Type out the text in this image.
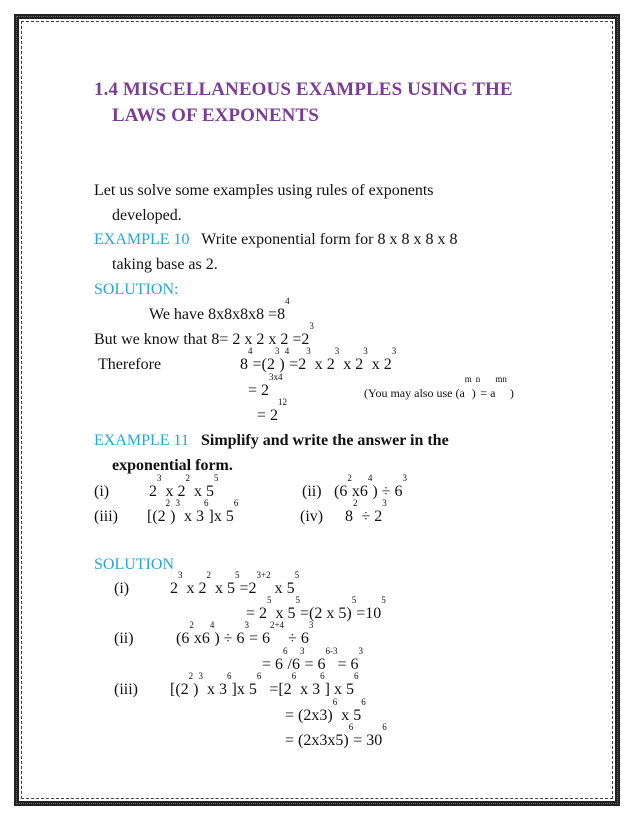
1.4 MISCELLANEOUS EXAMPLES USING THE
LAWS OF EXPONENTS
Let us solve some examples using rules of exponents
developed.
EXAMPLE 10 Write exponential form for 8 x 8 x 8 x 8
taking base as 2.
SOLUTION:
We have $8x8x8x8 =8^4$
But we know that 8= 2 x 2 x $2 =2^3$
Therefore	$8^4=(2^3)^4=2^3$ x $2^3$ x $2^3$ x $2^3$
= $2^{3x4}$
(You may also use $(a^m)^n= a^{mn}$ )
= $2^{12}$
EXAMPLE 11 Simplify and write the answer in the
exponential form.
(i) $2^3$ x $2^2$ x $5^5$
(ii) $(6^2x6^4) \div 6^3$
(iii) [$(2^2)^3$ x $3^6]x$ $5^6$
(iv) $8^2 \div 2^3$
SOLUTION
(i)	$2^3$ x $2^2$ x $5^5=2^{3+2}$ x $5^5$
= $2^5$ x $5^5=(2$ x $5)^5=10^5$
(ii)	$(6^2x6^4) \div 6^3= 6^{2+4} \div 6^3$
= $6^6/6^3= 6^{6-3}= 6^3$
(iii) [$(2^2)^3$ x $3^6]x$ $5^6 =[2^6$ x $3^6$] x $5^6$
= $(2x3)^6$ x $5^6$
= $(2x3x5)^6= 30^6$
